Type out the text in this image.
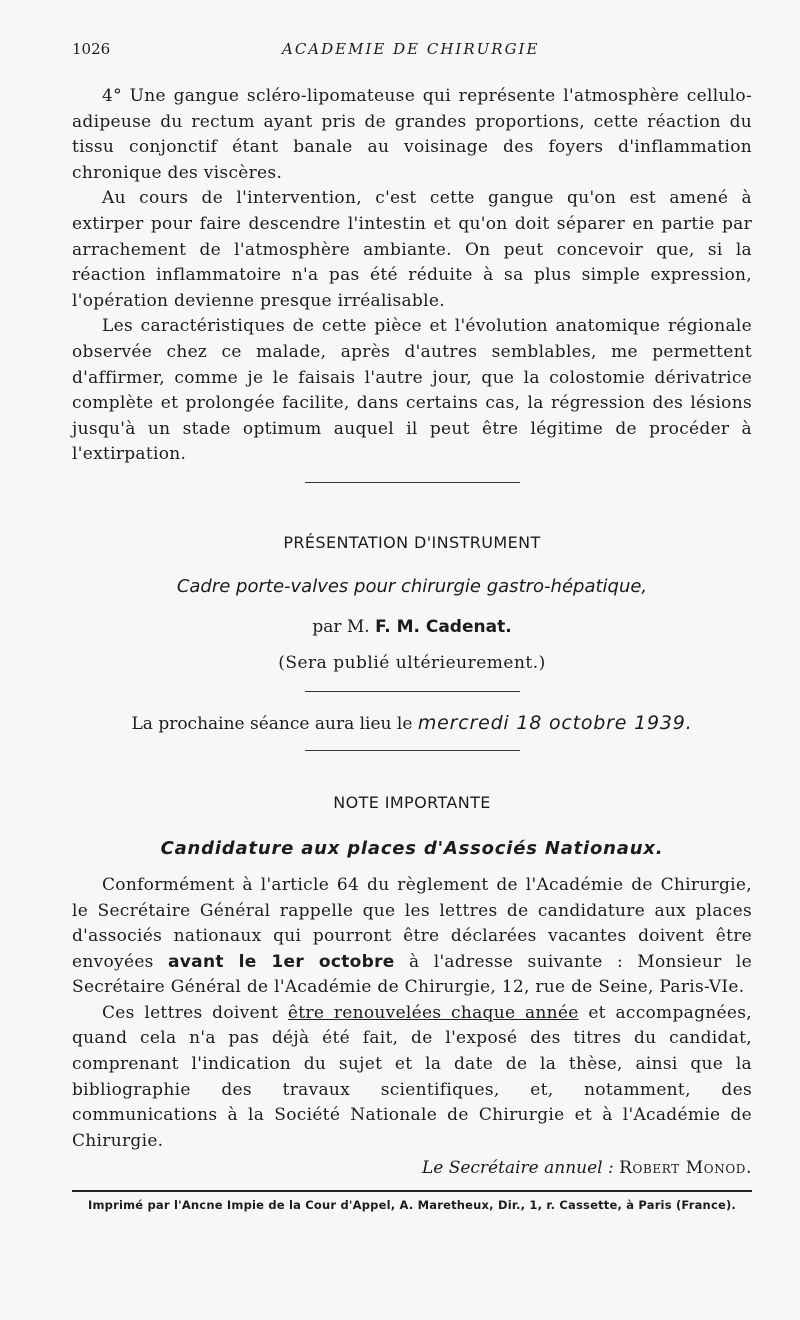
1026	ACADEMIE DE CHIRURGIE

4° Une gangue scléro-lipomateuse qui représente l'atmosphère cellulo-adipeuse du rectum ayant pris de grandes proportions, cette réaction du tissu conjonctif étant banale au voisinage des foyers d'inflammation chronique des viscères.

Au cours de l'intervention, c'est cette gangue qu'on est amené à extirper pour faire descendre l'intestin et qu'on doit séparer en partie par arrachement de l'atmosphère ambiante. On peut concevoir que, si la réaction inflammatoire n'a pas été réduite à sa plus simple expression, l'opération devienne presque irréalisable.

Les caractéristiques de cette pièce et l'évolution anatomique régionale observée chez ce malade, après d'autres semblables, me permettent d'affirmer, comme je le faisais l'autre jour, que la colostomie dérivatrice complète et prolongée facilite, dans certains cas, la régression des lésions jusqu'à un stade optimum auquel il peut être légitime de procéder à l'extirpation.

PRÉSENTATION D'INSTRUMENT
Cadre porte-valves pour chirurgie gastro-hépatique,
par M. F. M. Cadenat.
(Sera publié ultérieurement.)
La prochaine séance aura lieu le mercredi 18 octobre 1939.
NOTE IMPORTANTE
Candidature aux places d'Associés Nationaux.

Conformément à l'article 64 du règlement de l'Académie de Chirurgie, le Secrétaire Général rappelle que les lettres de candidature aux places d'associés nationaux qui pourront être déclarées vacantes doivent être envoyées avant le 1er octobre à l'adresse suivante : Monsieur le Secrétaire Général de l'Académie de Chirurgie, 12, rue de Seine, Paris-VIe.

Ces lettres doivent être renouvelées chaque année et accompagnées, quand cela n'a pas déjà été fait, de l'exposé des titres du candidat, comprenant l'indication du sujet et la date de la thèse, ainsi que la bibliographie des travaux scientifiques, et, notamment, des communications à la Société Nationale de Chirurgie et à l'Académie de Chirurgie.

Le Secrétaire annuel : Robert Monod.
Imprimé par l'Ancne Impie de la Cour d'Appel, A. Maretheux, Dir., 1, r. Cassette, à Paris (France).
